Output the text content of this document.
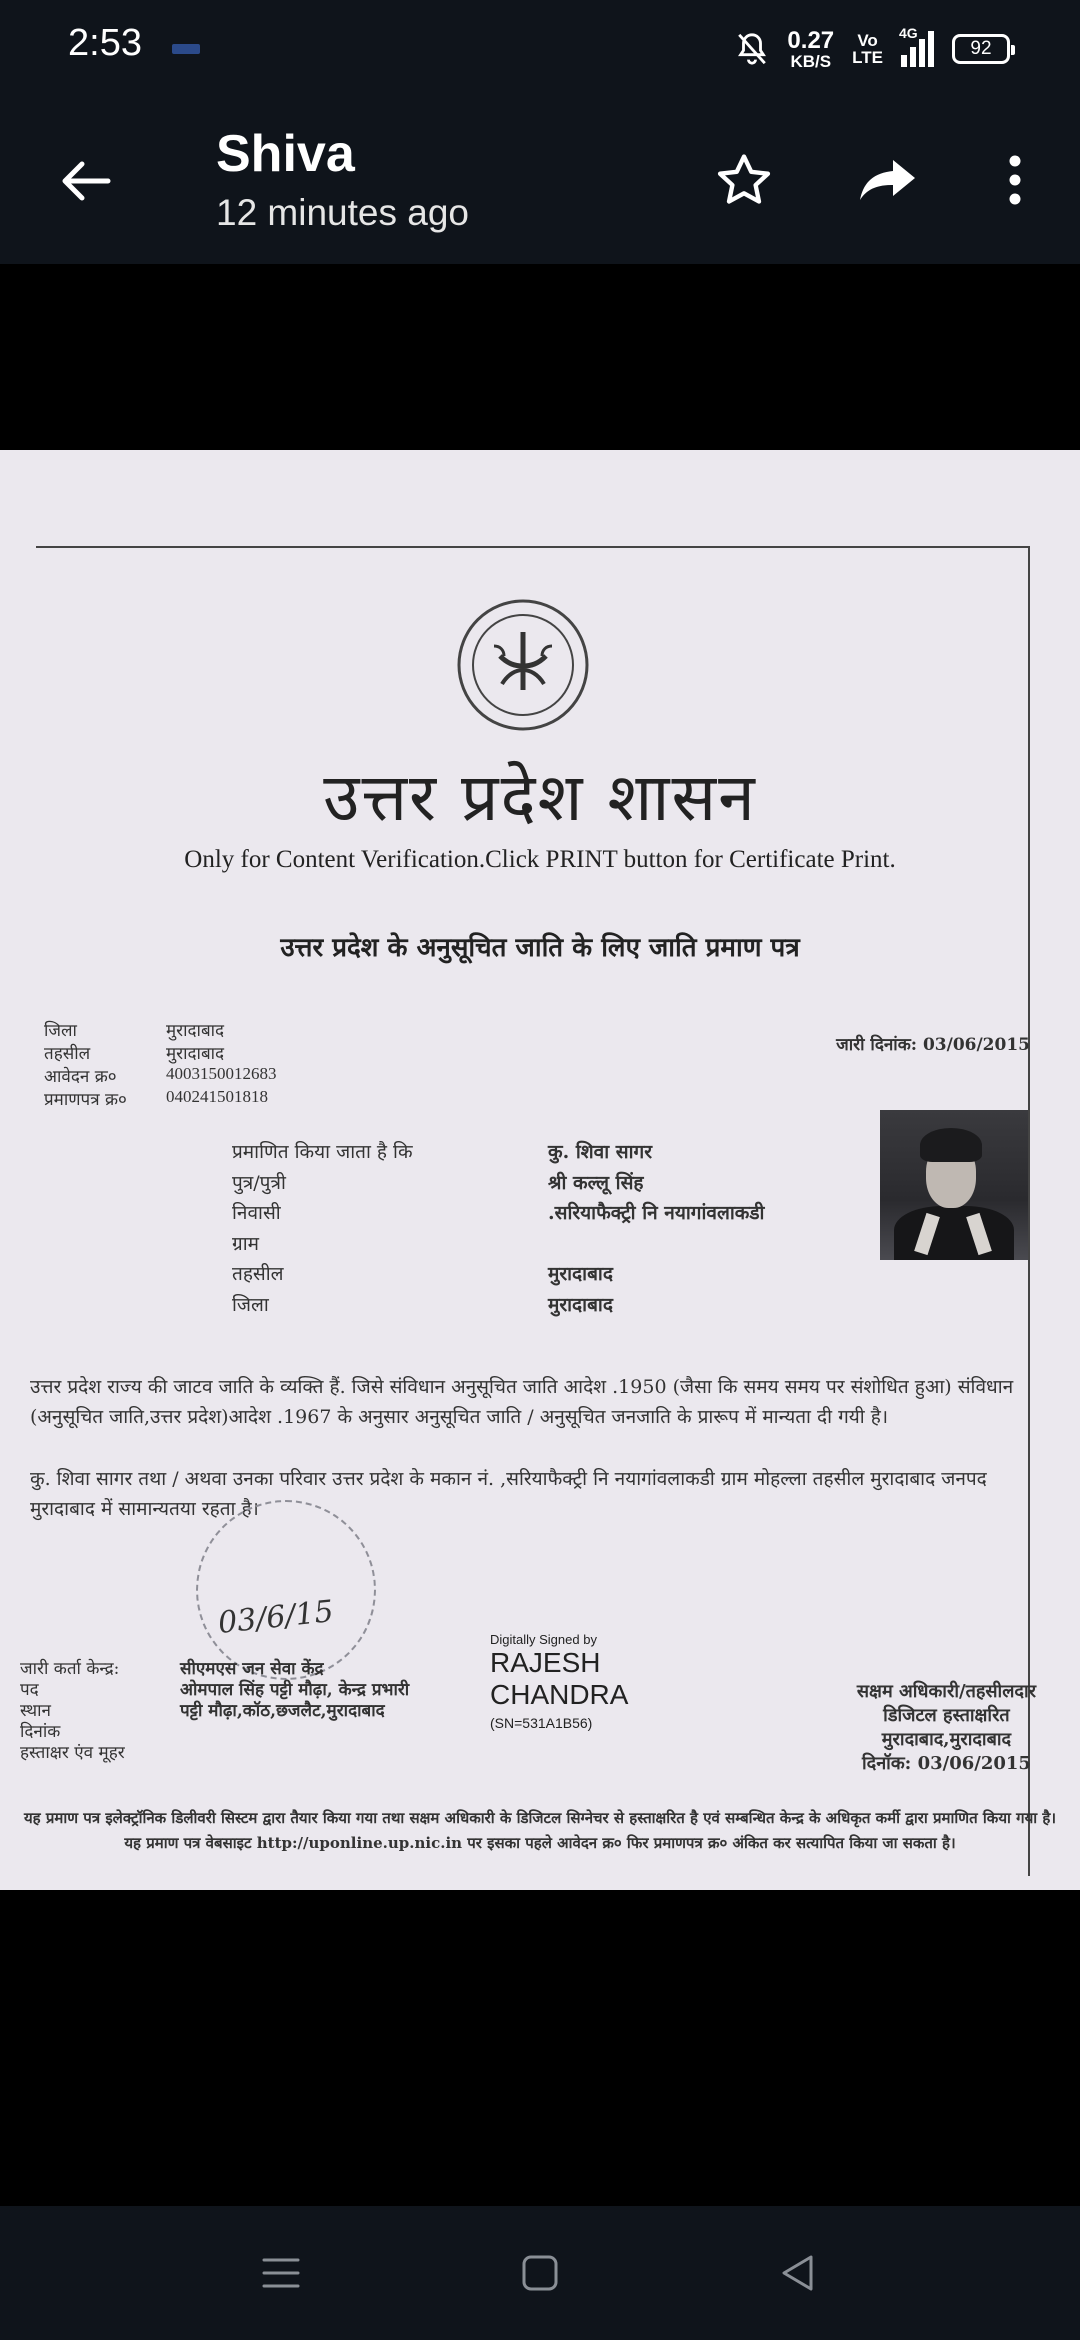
2:53	0.27
KB/S
Vo
LTE
4G
92
Shiva
12 minutes ago
उत्तर प्रदेश शासन
Only for Content Verification.Click PRINT button for Certificate Print.
उत्तर प्रदेश के अनुसूचित जाति के लिए जाति प्रमाण पत्र
जिला	मुरादाबाद
तहसील	मुरादाबाद
आवेदन क्र०	4003150012683
प्रमाणपत्र क्र०	040241501818
जारी दिनांक: 03/06/2015
प्रमाणित किया जाता है कि	कु. शिवा सागर
पुत्र/पुत्री	श्री कल्लू सिंह
निवासी	.सरियाफैक्ट्री नि नयागांवलाकडी
ग्राम
तहसील	मुरादाबाद
जिला	मुरादाबाद
उत्तर प्रदेश राज्य की जाटव जाति के व्यक्ति हैं. जिसे संविधान अनुसूचित जाति आदेश .1950 (जैसा कि समय समय पर संशोधित हुआ) संविधान (अनुसूचित जाति,उत्तर प्रदेश)आदेश .1967 के अनुसार अनुसूचित जाति / अनुसूचित जनजाति के प्रारूप में मान्यता दी गयी है।
कु. शिवा सागर तथा / अथवा उनका परिवार उत्तर प्रदेश के मकान नं. ,सरियाफैक्ट्री नि नयागांवलाकडी ग्राम मोहल्ला तहसील मुरादाबाद जनपद मुरादाबाद में सामान्यतया रहता है।
03/6/15
जारी कर्ता केन्द्र:	सीएमएस जन सेवा केंद्र
पद	ओमपाल सिंह पट्टी मौढ़ा, केन्द्र प्रभारी
स्थान	पट्टी मौढ़ा,कॉठ,छजलैट,मुरादाबाद
दिनांक
हस्ताक्षर एंव मूहर
Digitally Signed by
RAJESH
CHANDRA
(SN=531A1B56)
सक्षम अधिकारी/तहसीलदार
डिजिटल हस्ताक्षरित
मुरादाबाद,मुरादाबाद
दिनॉक: 03/06/2015
यह प्रमाण पत्र इलेक्ट्रॉनिक डिलीवरी सिस्टम द्वारा तैयार किया गया तथा सक्षम अधिकारी के डिजिटल सिग्नेचर से हस्ताक्षरित है एवं सम्बन्धित केन्द्र के अधिकृत कर्मी द्वारा प्रमाणित किया गया है। यह प्रमाण पत्र वेबसाइट http://uponline.up.nic.in पर इसका पहले आवेदन क्र० फिर प्रमाणपत्र क्र० अंकित कर सत्यापित किया जा सकता है।
